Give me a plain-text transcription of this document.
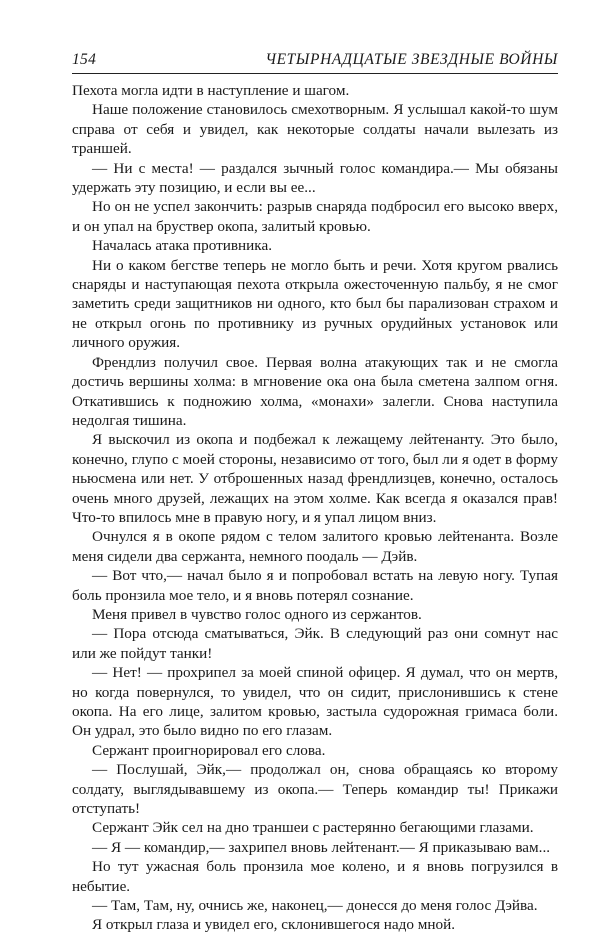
154	ЧЕТЫРНАДЦАТЫЕ ЗВЕЗДНЫЕ ВОЙНЫ

Пехота могла идти в наступление и шагом.

Наше положение становилось смехотворным. Я услышал какой-то шум справа от себя и увидел, как некоторые солдаты начали вылезать из траншей.

— Ни с места! — раздался зычный голос командира.— Мы обязаны удержать эту позицию, и если вы ее...

Но он не успел закончить: разрыв снаряда подбросил его высоко вверх, и он упал на бруствер окопа, залитый кровью.

Началась атака противника.

Ни о каком бегстве теперь не могло быть и речи. Хотя кругом рвались снаряды и наступающая пехота открыла ожесточенную пальбу, я не смог заметить среди защитников ни одного, кто был бы парализован страхом и не открыл огонь по противнику из ручных орудийных установок или личного оружия.

Френдлиз получил свое. Первая волна атакующих так и не смогла достичь вершины холма: в мгновение ока она была сметена залпом огня. Откатившись к подножию холма, «монахи» залегли. Снова наступила недолгая тишина.

Я выскочил из окопа и подбежал к лежащему лейтенанту. Это было, конечно, глупо с моей стороны, независимо от того, был ли я одет в форму ньюсмена или нет. У отброшенных назад френдлизцев, конечно, осталось очень много друзей, лежащих на этом холме. Как всегда я оказался прав! Что-то впилось мне в правую ногу, и я упал лицом вниз.

Очнулся я в окопе рядом с телом залитого кровью лейтенанта. Возле меня сидели два сержанта, немного поодаль — Дэйв.

— Вот что,— начал было я и попробовал встать на левую ногу. Тупая боль пронзила мое тело, и я вновь потерял сознание.

Меня привел в чувство голос одного из сержантов.

— Пора отсюда сматываться, Эйк. В следующий раз они сомнут нас или же пойдут танки!

— Нет! — прохрипел за моей спиной офицер. Я думал, что он мертв, но когда повернулся, то увидел, что он сидит, прислонившись к стене окопа. На его лице, залитом кровью, застыла судорожная гримаса боли. Он удрал, это было видно по его глазам.

Сержант проигнорировал его слова.

— Послушай, Эйк,— продолжал он, снова обращаясь ко второму солдату, выглядывавшему из окопа.— Теперь командир ты! Прикажи отступать!

Сержант Эйк сел на дно траншеи с растерянно бегающими глазами.

— Я — командир,— захрипел вновь лейтенант.— Я приказываю вам...

Но тут ужасная боль пронзила мое колено, и я вновь погрузился в небытие.

— Там, Там, ну, очнись же, наконец,— донесся до меня голос Дэйва.

Я открыл глаза и увидел его, склонившегося надо мной.
